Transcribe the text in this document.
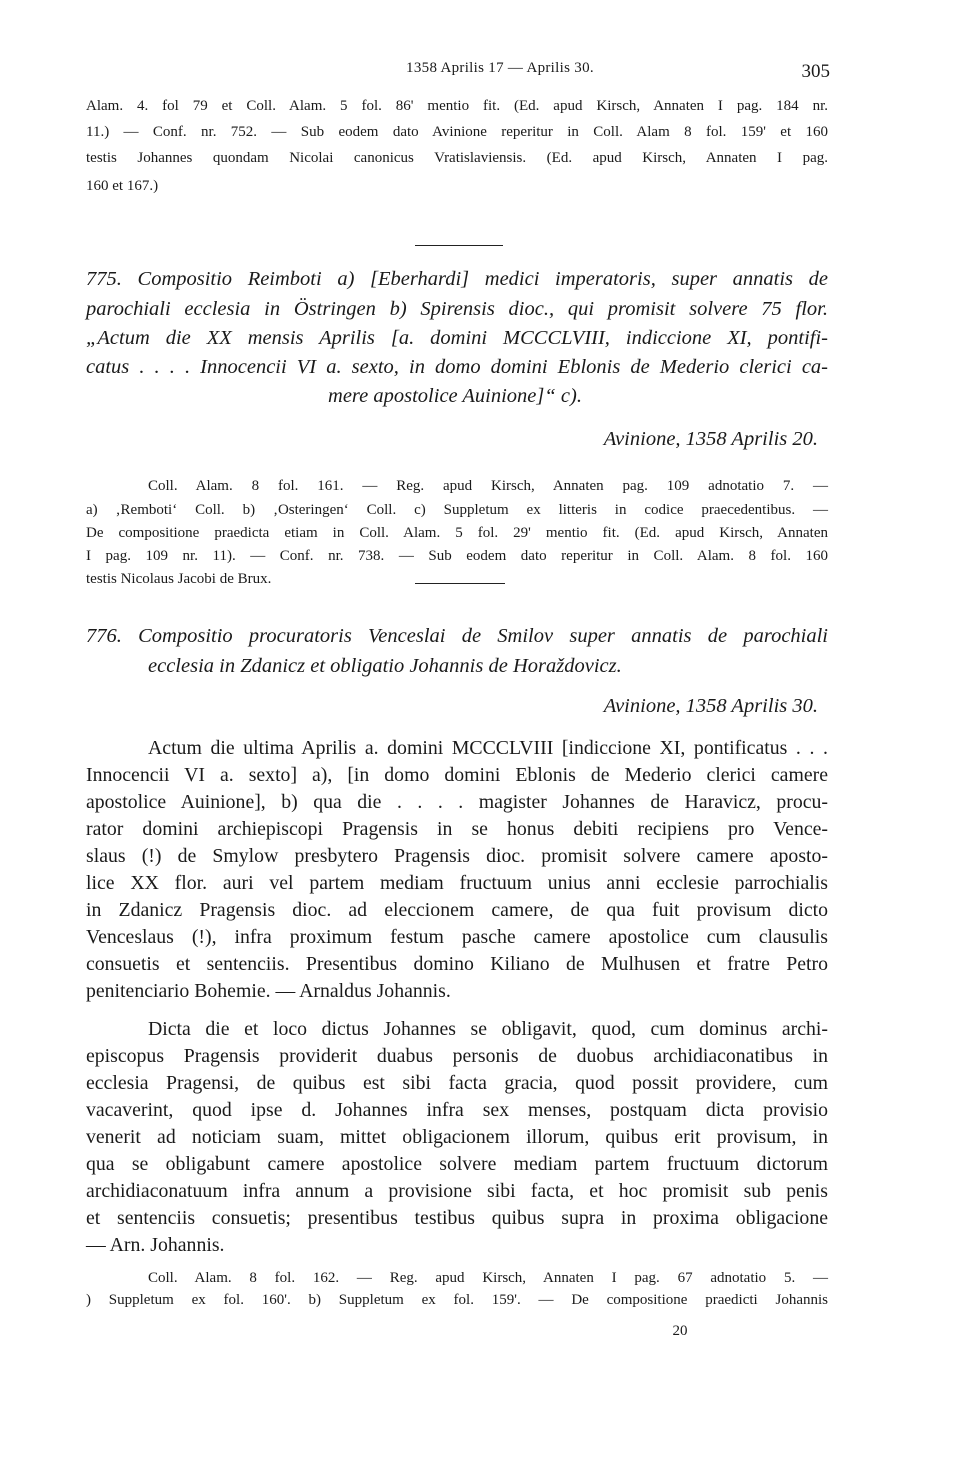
1358 Aprilis 17 — Aprilis 30.	305
Alam. 4. fol 79 et Coll. Alam. 5 fol. 86' mentio fit. (Ed. apud Kirsch, Annaten I pag. 184 nr.
11.) — Conf. nr. 752. — Sub eodem dato Avinione reperitur in Coll. Alam 8 fol. 159' et 160
testis Johannes quondam Nicolai canonicus Vratislaviensis. (Ed. apud Kirsch, Annaten I pag.
160 et 167.)
775. Compositio Reimboti a) [Eberhardi] medici imperatoris, super annatis de
parochiali ecclesia in Östringen b) Spirensis dioc., qui promisit solvere 75 flor.
„Actum die XX mensis Aprilis [a. domini MCCCLVIII, indiccione XI, pontifi-
catus . . . . Innocencii VI a. sexto, in domo domini Eblonis de Mederio clerici ca-
mere apostolice Auinione]“ c).
Avinione, 1358 Aprilis 20.
Coll. Alam. 8 fol. 161. — Reg. apud Kirsch, Annaten pag. 109 adnotatio 7. —
a) ‚Remboti‘ Coll. b) ‚Osteringen‘ Coll. c) Suppletum ex litteris in codice praecedentibus. —
De compositione praedicta etiam in Coll. Alam. 5 fol. 29' mentio fit. (Ed. apud Kirsch, Annaten
I pag. 109 nr. 11). — Conf. nr. 738. — Sub eodem dato reperitur in Coll. Alam. 8 fol. 160
testis Nicolaus Jacobi de Brux.
776. Compositio procuratoris Venceslai de Smilov super annatis de parochiali
ecclesia in Zdanicz et obligatio Johannis de Horaždovicz.
Avinione, 1358 Aprilis 30.
Actum die ultima Aprilis a. domini MCCCLVIII [indiccione XI, pontificatus . . .
Innocencii VI a. sexto] a), [in domo domini Eblonis de Mederio clerici camere
apostolice Auinione], b) qua die . . . . magister Johannes de Haravicz, procu-
rator domini archiepiscopi Pragensis in se honus debiti recipiens pro Vence-
slaus (!) de Smylow presbytero Pragensis dioc. promisit solvere camere aposto-
lice XX flor. auri vel partem mediam fructuum unius anni ecclesie parrochialis
in Zdanicz Pragensis dioc. ad eleccionem camere, de qua fuit provisum dicto
Venceslaus (!), infra proximum festum pasche camere apostolice cum clausulis
consuetis et sentenciis. Presentibus domino Kiliano de Mulhusen et fratre Petro
penitenciario Bohemie. — Arnaldus Johannis.
Dicta die et loco dictus Johannes se obligavit, quod, cum dominus archi-
episcopus Pragensis providerit duabus personis de duobus archidiaconatibus in
ecclesia Pragensi, de quibus est sibi facta gracia, quod possit providere, cum
vacaverint, quod ipse d. Johannes infra sex menses, postquam dicta provisio
venerit ad noticiam suam, mittet obligacionem illorum, quibus erit provisum, in
qua se obligabunt camere apostolice solvere mediam partem fructuum dictorum
archidiaconatuum infra annum a provisione sibi facta, et hoc promisit sub penis
et sentenciis consuetis; presentibus testibus quibus supra in proxima obligacione
— Arn. Johannis.
Coll. Alam. 8 fol. 162. — Reg. apud Kirsch, Annaten I pag. 67 adnotatio 5. —
) Suppletum ex fol. 160'. b) Suppletum ex fol. 159'. — De compositione praedicti Johannis
20
